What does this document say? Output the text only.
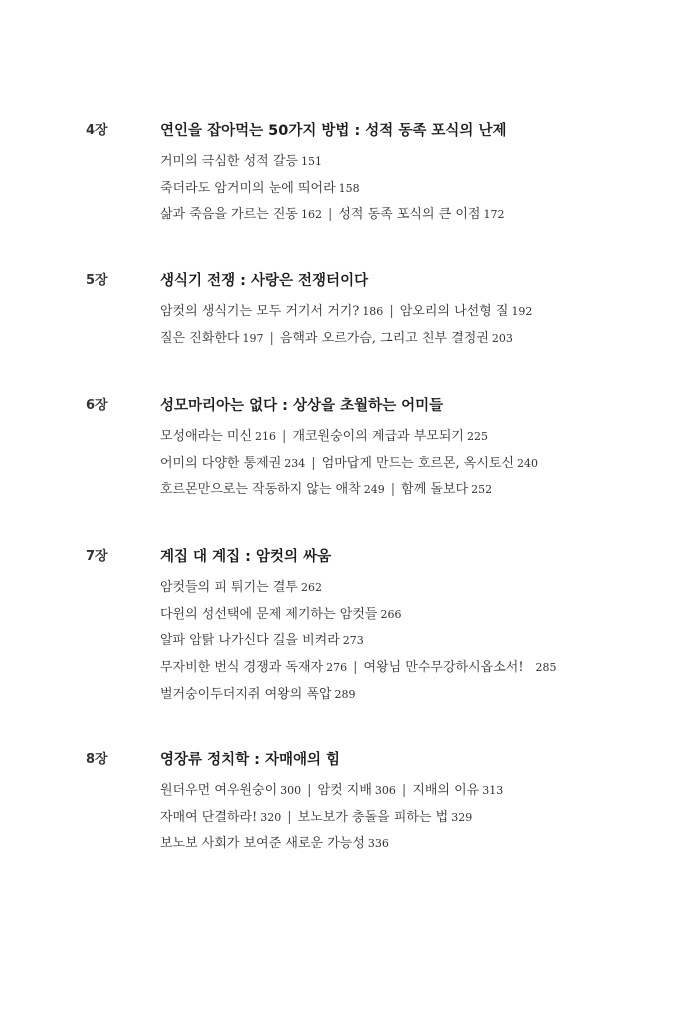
4장	연인을 잡아먹는 50가지 방법 : 성적 동족 포식의 난제
거미의 극심한 성적 갈등 151
죽더라도 암거미의 눈에 띄어라 158
삶과 죽음을 가르는 진동 162 | 성적 동족 포식의 큰 이점 172
5장	생식기 전쟁 : 사랑은 전쟁터이다
암컷의 생식기는 모두 거기서 거기? 186 | 암오리의 나선형 질 192
질은 진화한다 197 | 음핵과 오르가슴, 그리고 친부 결정권 203
6장	성모마리아는 없다 : 상상을 초월하는 어미들
모성애라는 미신 216 | 개코원숭이의 계급과 부모되기 225
어미의 다양한 통제권 234 | 엄마답게 만드는 호르몬, 옥시토신 240
호르몬만으로는 작동하지 않는 애착 249 | 함께 돌보다 252
7장	계집 대 계집 : 암컷의 싸움
암컷들의 피 튀기는 결투 262
다윈의 성선택에 문제 제기하는 암컷들 266
알파 암탉 나가신다 길을 비켜라 273
무자비한 번식 경쟁과 독재자 276 | 여왕님 만수무강하시옵소서! 285
벌거숭이두더지쥐 여왕의 폭압 289
8장	영장류 정치학 : 자매애의 힘
원더우먼 여우원숭이 300 | 암컷 지배 306 | 지배의 이유 313
자매여 단결하라! 320 | 보노보가 충돌을 피하는 법 329
보노보 사회가 보여준 새로운 가능성 336
